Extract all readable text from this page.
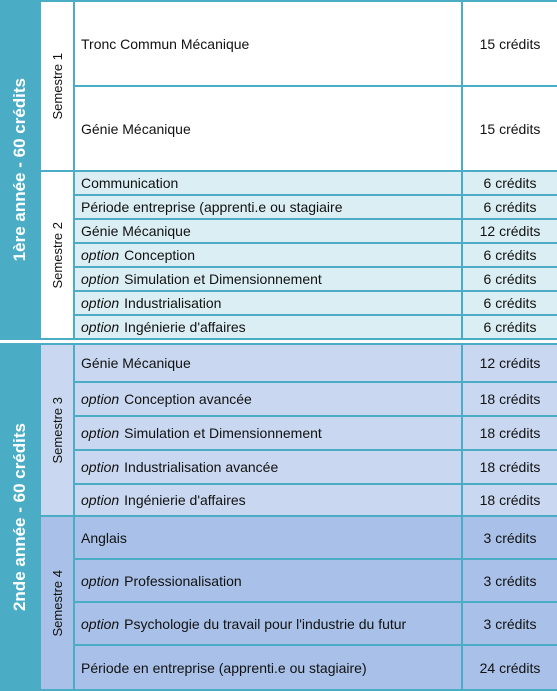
1ère année - 60 crédits
2nde année - 60 crédits
Semestre 1
Tronc Commun Mécanique	15 crédits
Génie Mécanique	15 crédits
Semestre 2
Communication	6 crédits
Période entreprise (apprenti.e ou stagiaire	6 crédits
Génie Mécanique	12 crédits
option Conception	6 crédits
option Simulation et Dimensionnement	6 crédits
option Industrialisation	6 crédits
option Ingénierie d'affaires	6 crédits
Semestre 3
Génie Mécanique	12 crédits
option Conception avancée	18 crédits
option Simulation et Dimensionnement	18 crédits
option Industrialisation avancée	18 crédits
option Ingénierie d'affaires	18 crédits
Semestre 4
Anglais	3 crédits
option Professionalisation	3 crédits
option Psychologie du travail pour l'industrie du futur	3 crédits
Période en entreprise (apprenti.e ou stagiaire)	24 crédits
